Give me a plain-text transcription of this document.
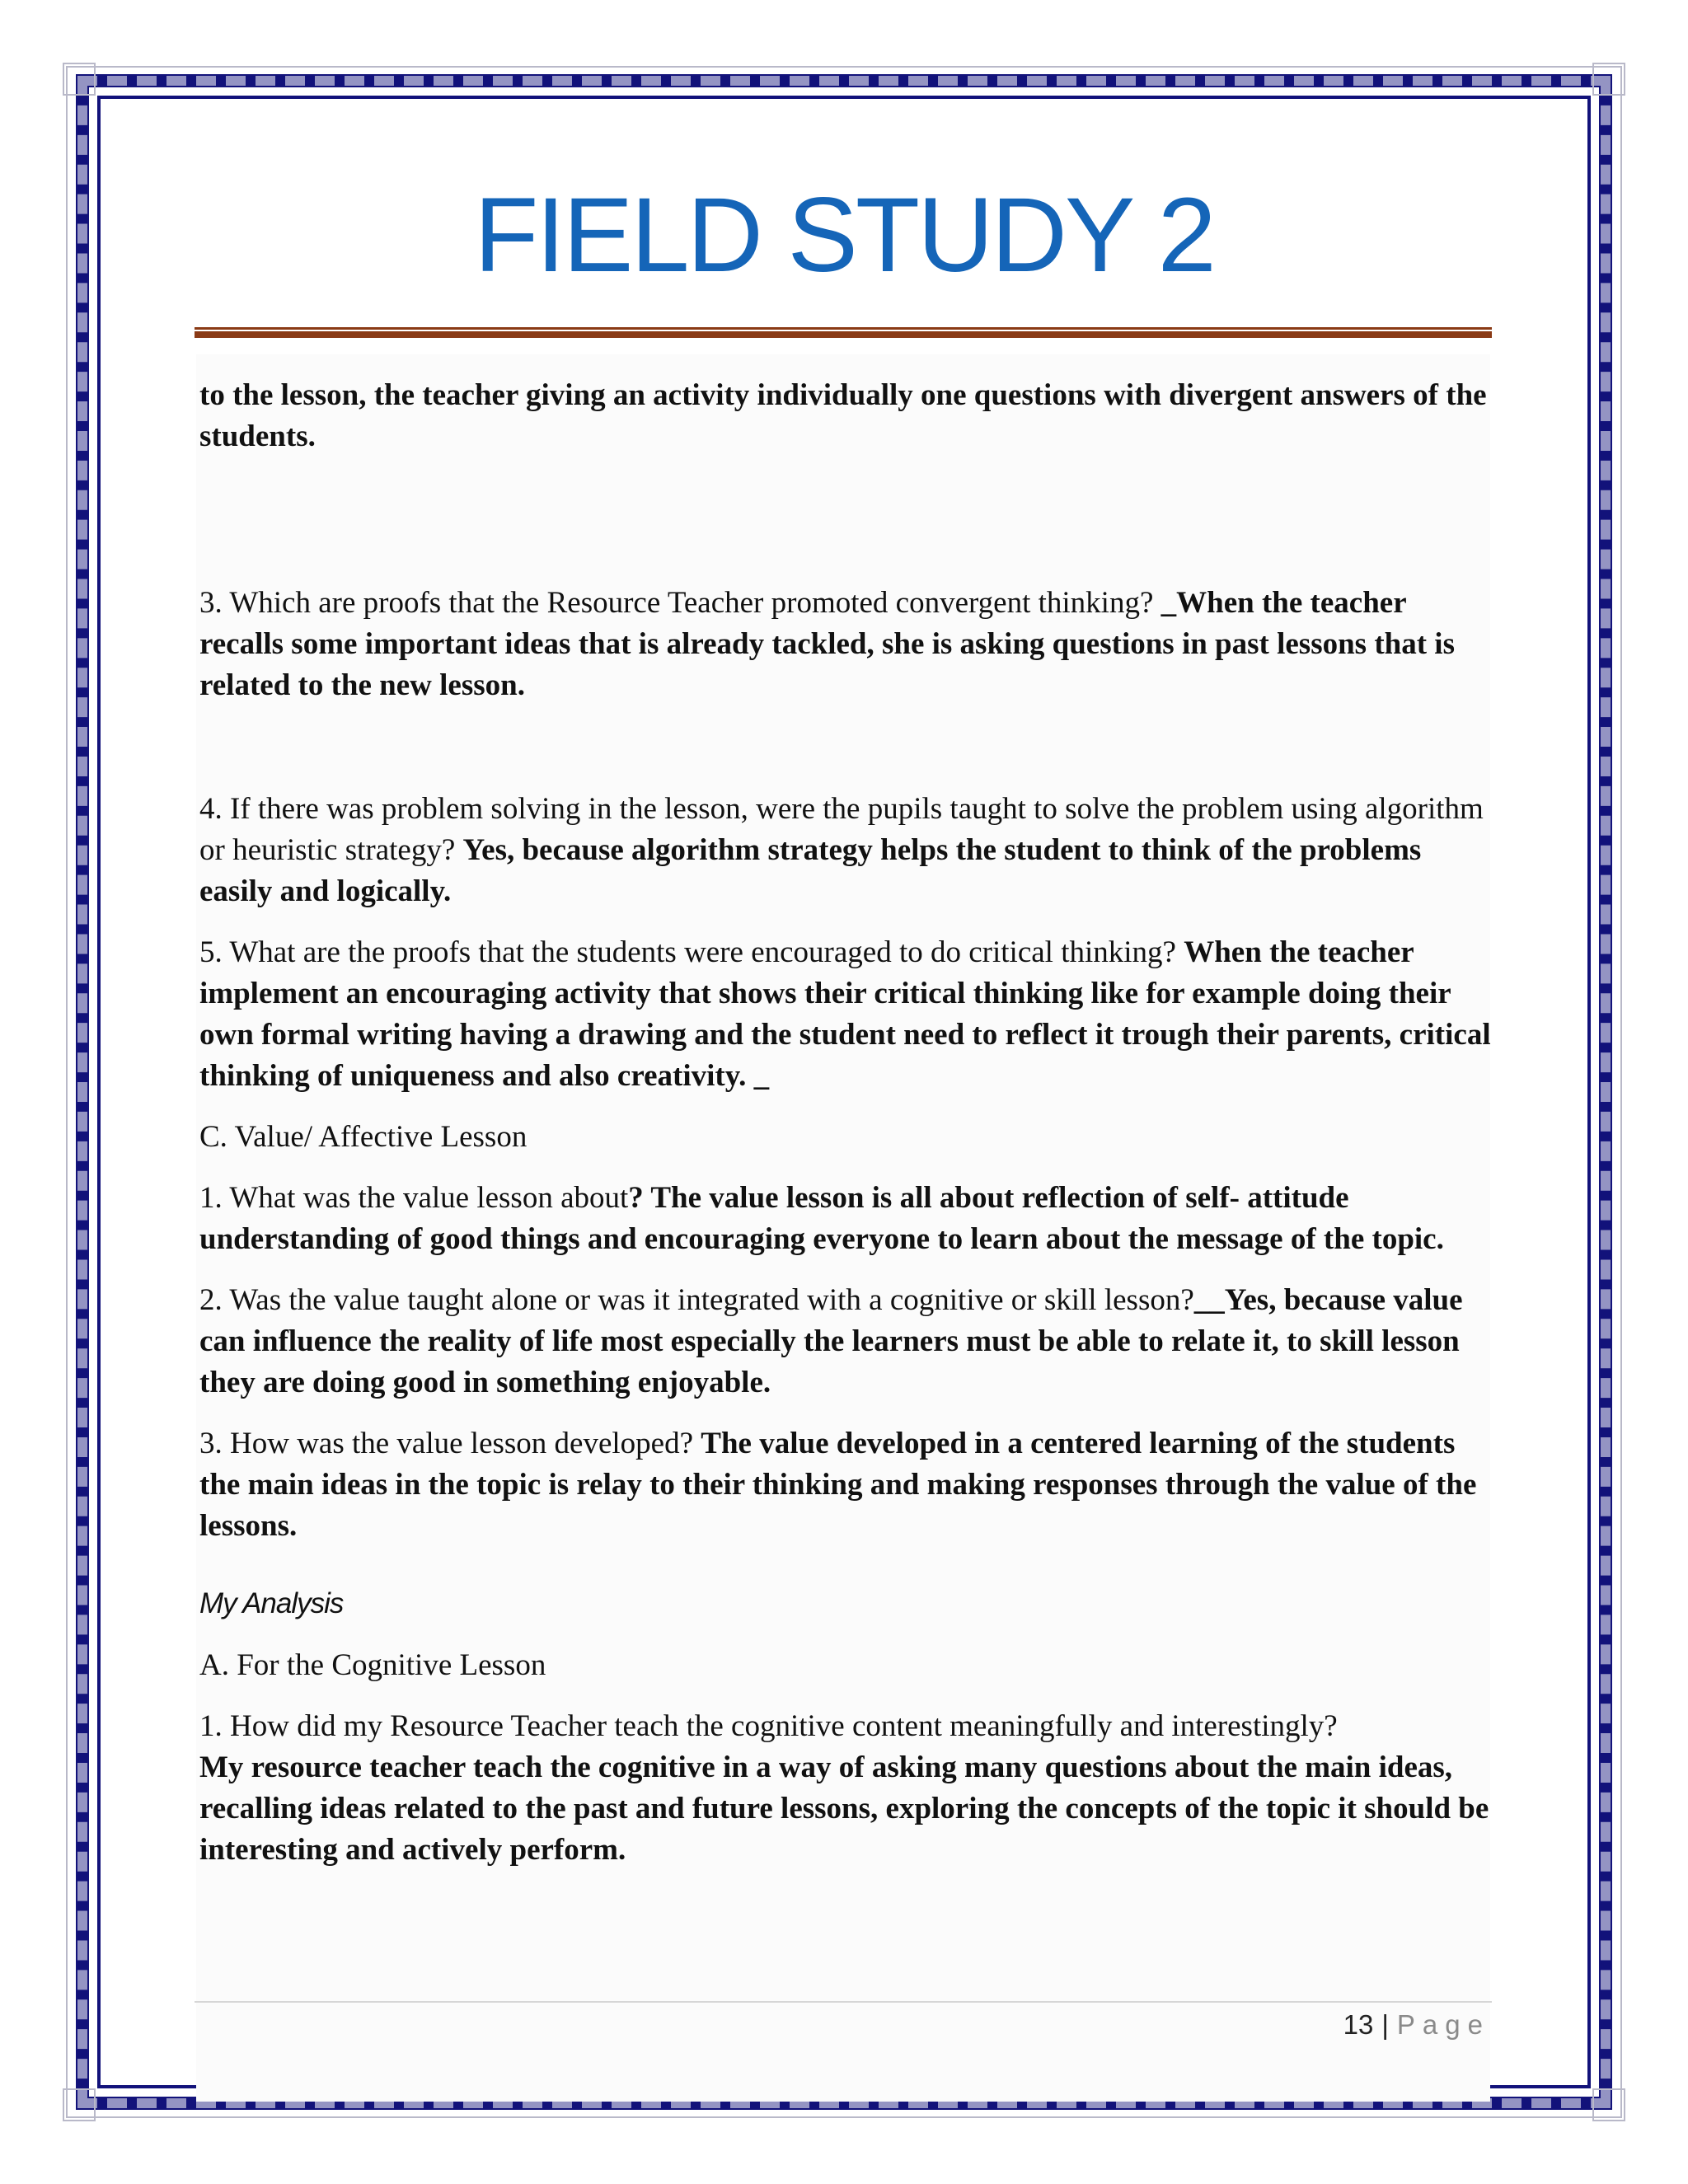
FIELD STUDY 2

to the lesson, the teacher giving an activity individually one questions with divergent answers of the students.

3. Which are proofs that the Resource Teacher promoted convergent thinking? _When the teacher recalls some important ideas that is already tackled, she is asking questions in past lessons that is related to the new lesson.

4. If there was problem solving in the lesson, were the pupils taught to solve the problem using algorithm or heuristic strategy? Yes, because algorithm strategy helps the student to think of the problems easily and logically.

5. What are the proofs that the students were encouraged to do critical thinking? When the teacher implement an encouraging activity that shows their critical thinking like for example doing their own formal writing having a drawing and the student need to reflect it trough their parents, critical thinking of uniqueness and also creativity. _

C. Value/ Affective Lesson

1. What was the value lesson about? The value lesson is all about reflection of self- attitude understanding of good things and encouraging everyone to learn about the message of the topic.

2. Was the value taught alone or was it integrated with a cognitive or skill lesson?__Yes, because value can influence the reality of life most especially the learners must be able to relate it, to skill lesson they are doing good in something enjoyable.

3. How was the value lesson developed? The value developed in a centered learning of the students the main ideas in the topic is relay to their thinking and making responses through the value of the lessons.

My Analysis

A. For the Cognitive Lesson

1. How did my Resource Teacher teach the cognitive content meaningfully and interestingly?
My resource teacher teach the cognitive in a way of asking many questions about the main ideas, recalling ideas related to the past and future lessons, exploring the concepts of the topic it should be interesting and actively perform.

13 | Page
